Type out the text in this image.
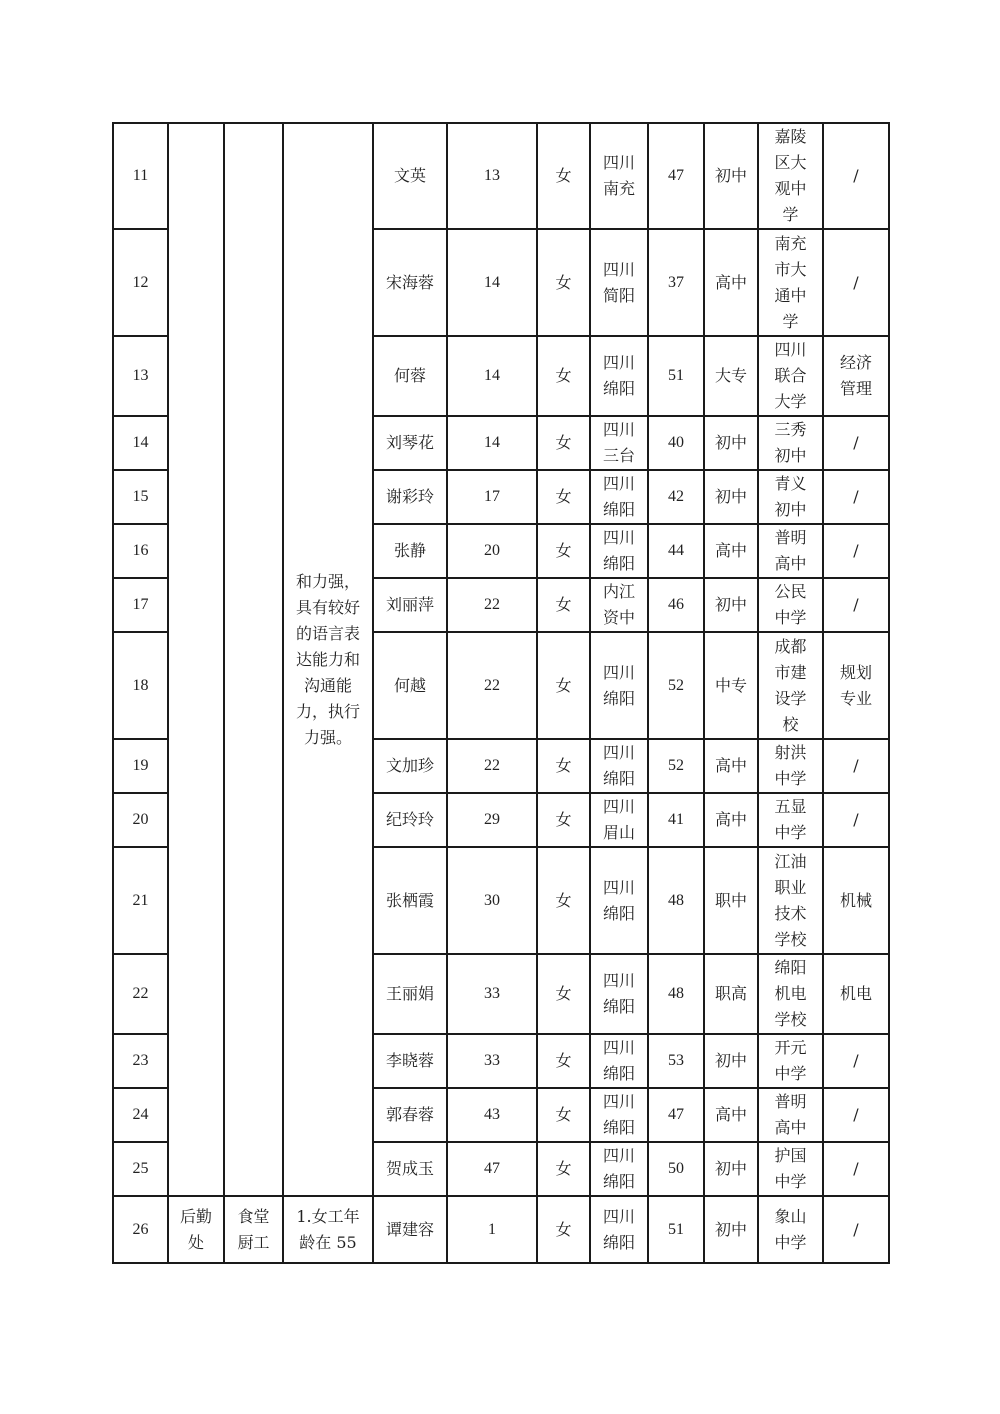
11			和力强，具有较好的语言表达能力和沟通能力，执行力强。	文英	13	女	四川南充	47	初中	嘉陵区大观中学	/
12				宋海蓉	14	女	四川简阳	37	高中	南充市大通中学	/
13				何蓉	14	女	四川绵阳	51	大专	四川联合大学	经济管理
14				刘琴花	14	女	四川三台	40	初中	三秀初中	/
15				谢彩玲	17	女	四川绵阳	42	初中	青义初中	/
16				张静	20	女	四川绵阳	44	高中	普明高中	/
17				刘丽萍	22	女	内江资中	46	初中	公民中学	/
18				何越	22	女	四川绵阳	52	中专	成都市建设学校	规划专业
19				文加珍	22	女	四川绵阳	52	高中	射洪中学	/
20				纪玲玲	29	女	四川眉山	41	高中	五显中学	/
21				张栖霞	30	女	四川绵阳	48	职中	江油职业技术学校	机械
22				王丽娟	33	女	四川绵阳	48	职高	绵阳机电学校	机电
23				李晓蓉	33	女	四川绵阳	53	初中	开元中学	/
24				郭春蓉	43	女	四川绵阳	47	高中	普明高中	/
25				贺成玉	47	女	四川绵阳	50	初中	护国中学	/
26	后勤处	食堂厨工	1.女工年龄在 55	谭建容	1	女	四川绵阳	51	初中	象山中学	/
